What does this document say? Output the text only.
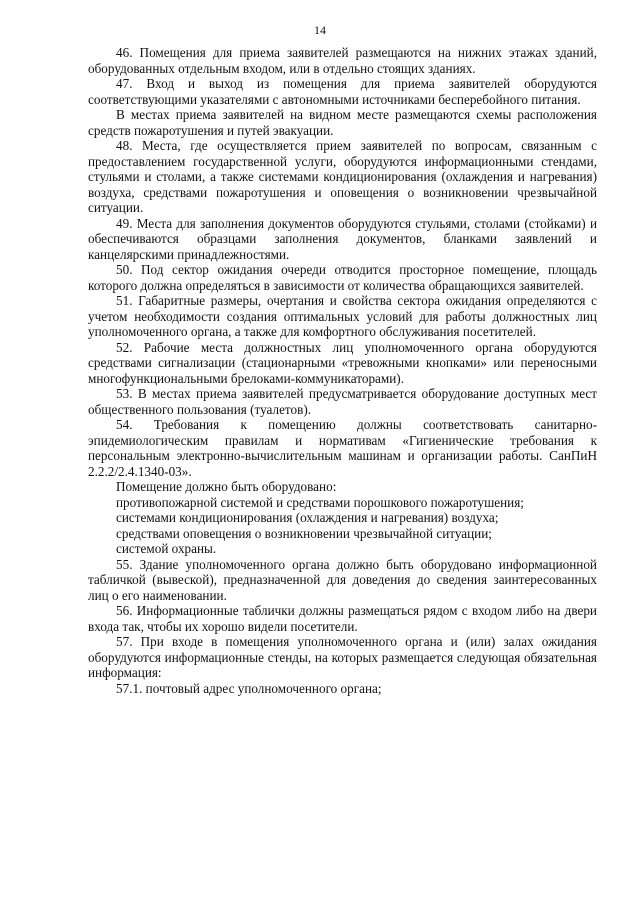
14

46. Помещения для приема заявителей размещаются на нижних этажах зданий, оборудованных отдельным входом, или в отдельно стоящих зданиях.

47. Вход и выход из помещения для приема заявителей оборудуются соответствующими указателями с автономными источниками бесперебойного питания.

В местах приема заявителей на видном месте размещаются схемы расположения средств пожаротушения и путей эвакуации.

48. Места, где осуществляется прием заявителей по вопросам, связанным с предоставлением государственной услуги, оборудуются информационными стендами, стульями и столами, а также системами кондиционирования (охлаждения и нагревания) воздуха, средствами пожаротушения и оповещения о возникновении чрезвычайной ситуации.

49. Места для заполнения документов оборудуются стульями, столами (стойками) и обеспечиваются образцами заполнения документов, бланками заявлений и канцелярскими принадлежностями.

50. Под сектор ожидания очереди отводится просторное помещение, площадь которого должна определяться в зависимости от количества обращающихся заявителей.

51. Габаритные размеры, очертания и свойства сектора ожидания определяются с учетом необходимости создания оптимальных условий для работы должностных лиц уполномоченного органа, а также для комфортного обслуживания посетителей.

52. Рабочие места должностных лиц уполномоченного органа оборудуются средствами сигнализации (стационарными «тревожными кнопками» или переносными многофункциональными брелоками-коммуникаторами).

53. В местах приема заявителей предусматривается оборудование доступных мест общественного пользования (туалетов).

54. Требования к помещению должны соответствовать санитарно-эпидемиологическим правилам и нормативам «Гигиенические требования к персональным электронно-вычислительным машинам и организации работы. СанПиН 2.2.2/2.4.1340-03».

Помещение должно быть оборудовано:

противопожарной системой и средствами порошкового пожаротушения;

системами кондиционирования (охлаждения и нагревания) воздуха;

средствами оповещения о возникновении чрезвычайной ситуации;

системой охраны.

55. Здание уполномоченного органа должно быть оборудовано информационной табличкой (вывеской), предназначенной для доведения до сведения заинтересованных лиц о его наименовании.

56. Информационные таблички должны размещаться рядом с входом либо на двери входа так, чтобы их хорошо видели посетители.

57. При входе в помещения уполномоченного органа и (или) залах ожидания оборудуются информационные стенды, на которых размещается следующая обязательная информация:

57.1. почтовый адрес уполномоченного органа;
